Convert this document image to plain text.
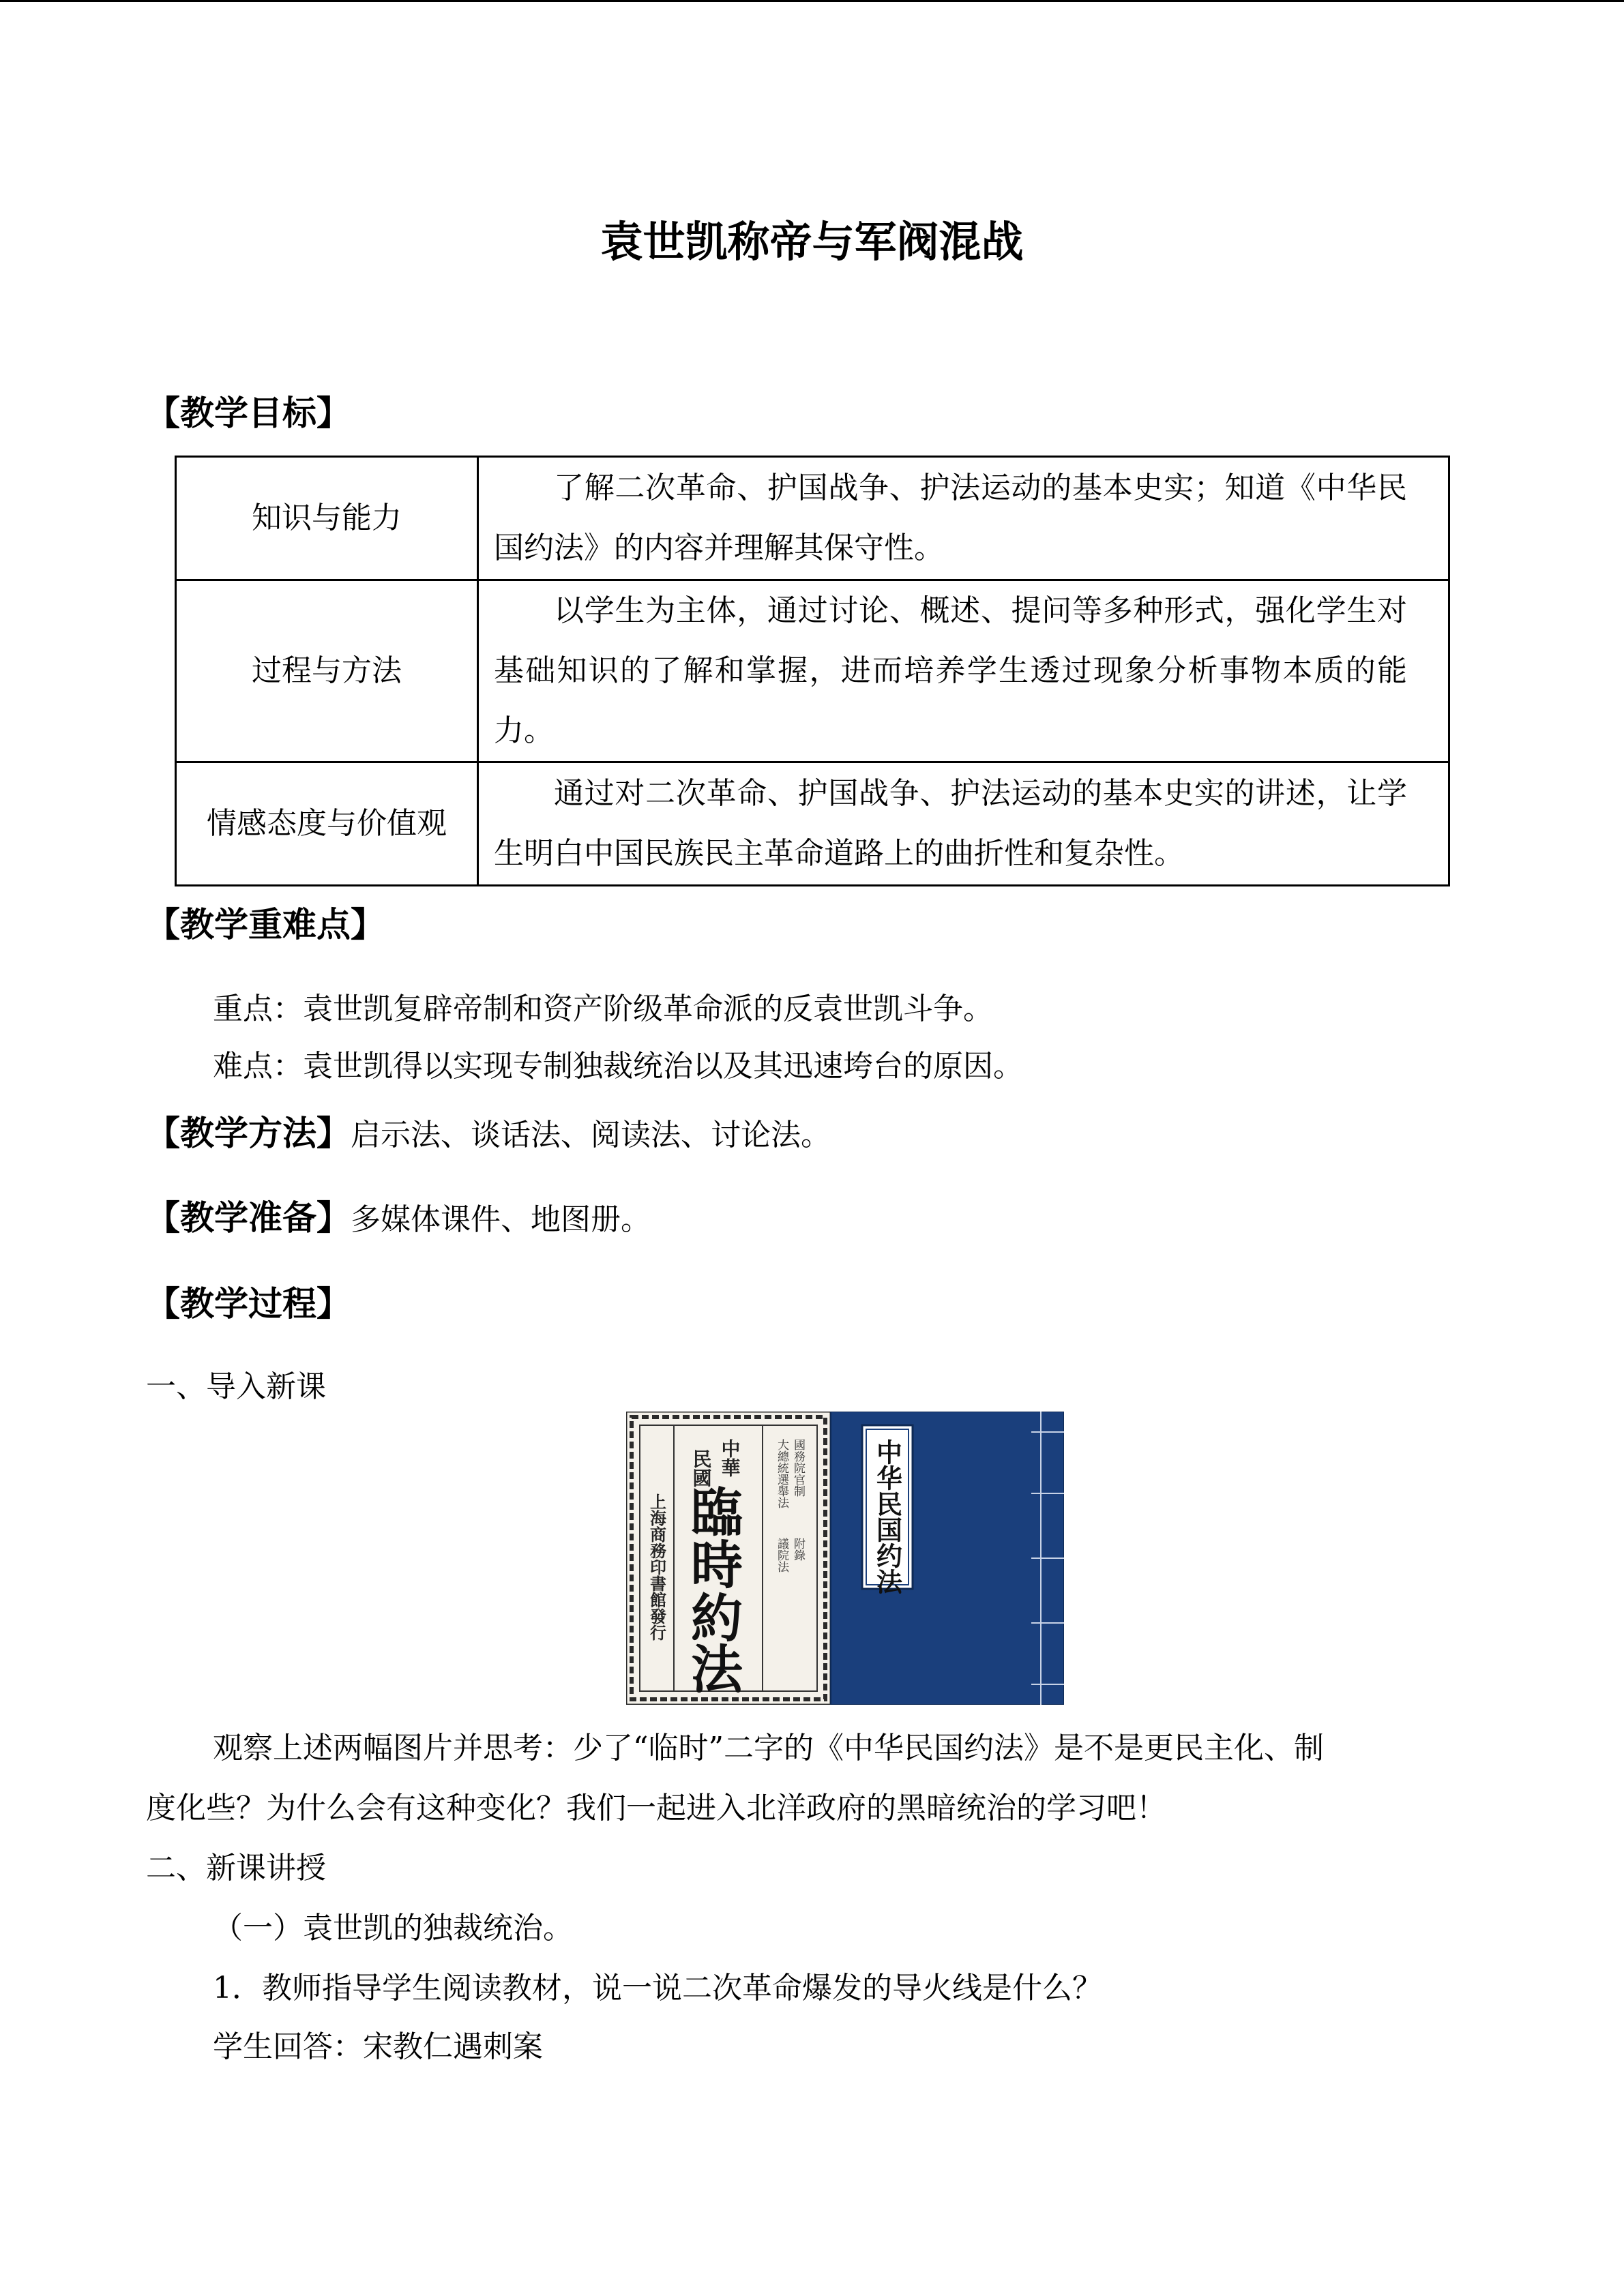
袁世凯称帝与军阀混战
【教学目标】
知识与能力	了解二次革命、护国战争、护法运动的基本史实；知道《中华民国约法》的内容并理解其保守性。
过程与方法	以学生为主体，通过讨论、概述、提问等多种形式，强化学生对基础知识的了解和掌握，进而培养学生透过现象分析事物本质的能力。
情感态度与价值观	通过对二次革命、护国战争、护法运动的基本史实的讲述，让学生明白中国民族民主革命道路上的曲折性和复杂性。
【教学重难点】
重点：袁世凯复辟帝制和资产阶级革命派的反袁世凯斗争。
难点：袁世凯得以实现专制独裁统治以及其迅速垮台的原因。
【教学方法】启示法、谈话法、阅读法、讨论法。
【教学准备】多媒体课件、地图册。
【教学过程】
一、导入新课
上海商務印書館發行
民國 中華
臨
時
約
法
大總統選舉法 國務院官制
議院法 附錄	中华民国约法
观察上述两幅图片并思考：少了“临时”二字的《中华民国约法》是不是更民主化、制
度化些？为什么会有这种变化？我们一起进入北洋政府的黑暗统治的学习吧！
二、新课讲授
（一）袁世凯的独裁统治。
1．教师指导学生阅读教材，说一说二次革命爆发的导火线是什么？
学生回答：宋教仁遇刺案
